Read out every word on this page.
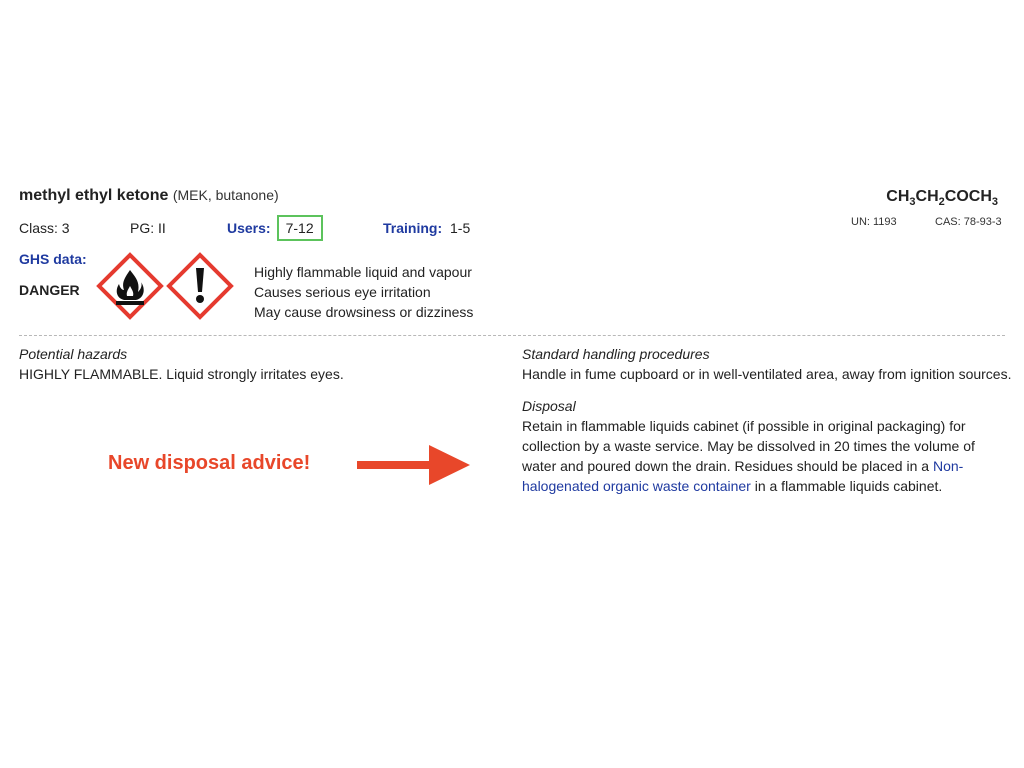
methyl ethyl ketone (MEK, butanone)
Class: 3	PG: II	Users: 7-12	Training: 1-5
$CH_3CH_2COCH_3$
UN: 1193	CAS: 78-93-3
GHS data:
DANGER
Highly flammable liquid and vapour
Causes serious eye irritation
May cause drowsiness or dizziness
Potential hazards
HIGHLY FLAMMABLE. Liquid strongly irritates eyes.
Standard handling procedures
Handle in fume cupboard or in well-ventilated area, away from ignition sources.
Disposal
Retain in flammable liquids cabinet (if possible in original packaging) for collection by a waste service. May be dissolved in 20 times the volume of water and poured down the drain. Residues should be placed in a Non-halogenated organic waste container in a flammable liquids cabinet.
New disposal advice!
